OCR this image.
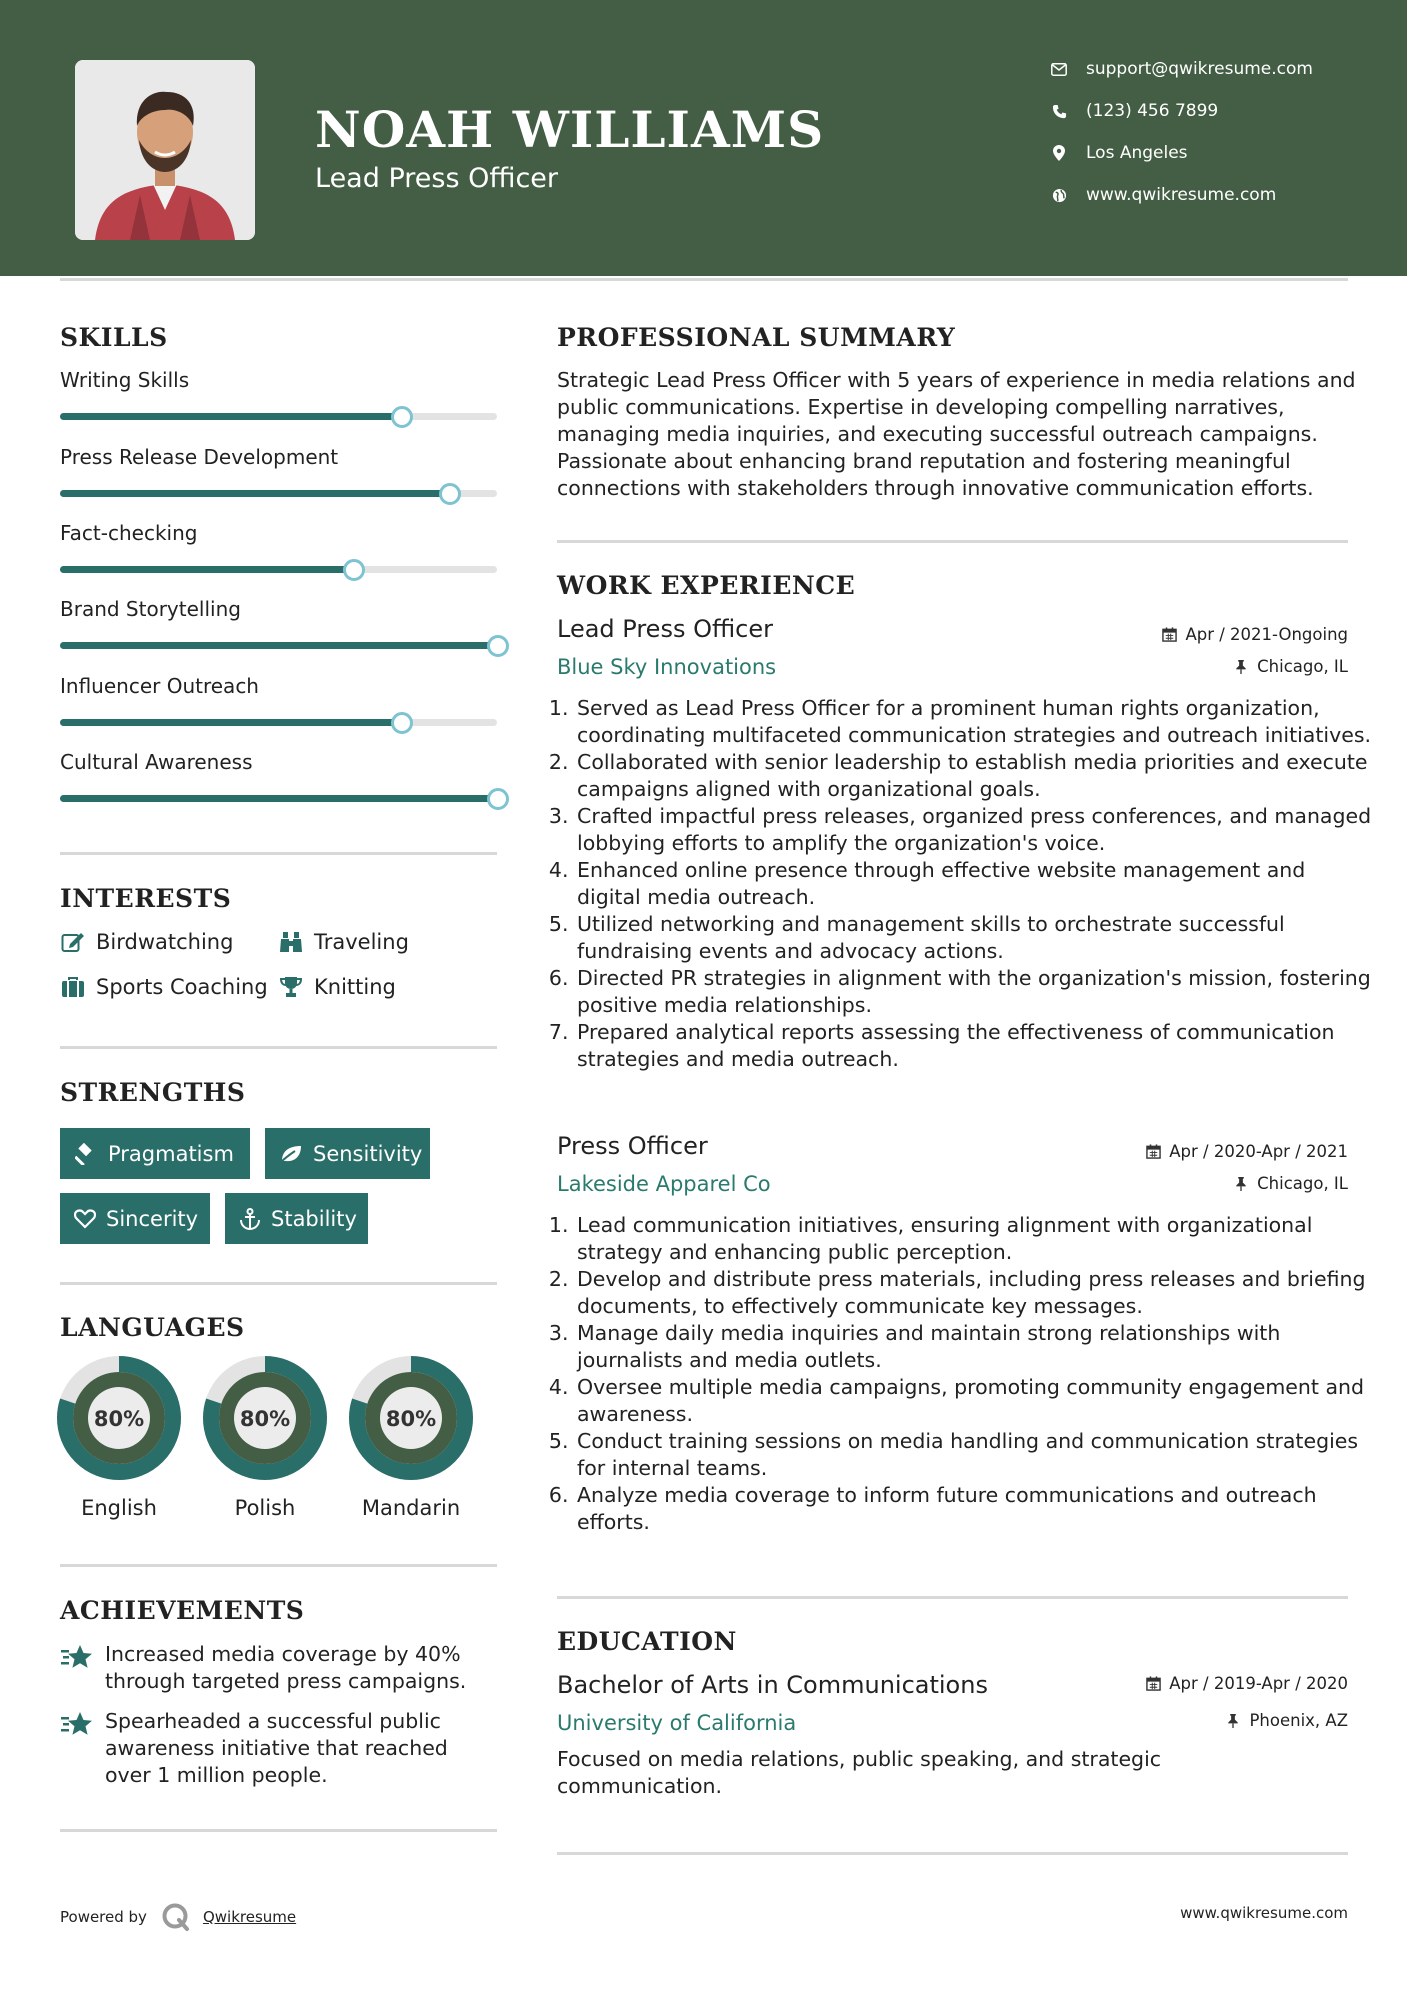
NOAH WILLIAMS
Lead Press Officer
support@qwikresume.com
(123) 456 7899
Los Angeles
www.qwikresume.com
SKILLS
Writing Skills
Press Release Development
Fact-checking
Brand Storytelling
Influencer Outreach
Cultural Awareness
INTERESTS
Birdwatching	Traveling
Sports Coaching Knitting
STRENGTHS
Pragmatism	Sensitivity
Sincerity	Stability
LANGUAGES
80%
English
80%
Polish
80%
Mandarin
ACHIEVEMENTS
Increased media coverage by 40% through targeted press campaigns.
Spearheaded a successful public awareness initiative that reached over 1 million people.
PROFESSIONAL SUMMARY
Strategic Lead Press Officer with 5 years of experience in media relations and public communications. Expertise in developing compelling narratives, managing media inquiries, and executing successful outreach campaigns. Passionate about enhancing brand reputation and fostering meaningful connections with stakeholders through innovative communication efforts.
WORK EXPERIENCE
Lead Press Officer	Apr / 2021-Ongoing
Blue Sky Innovations	Chicago, IL
1. Served as Lead Press Officer for a prominent human rights organization, coordinating multifaceted communication strategies and outreach initiatives.
2. Collaborated with senior leadership to establish media priorities and execute campaigns aligned with organizational goals.
3. Crafted impactful press releases, organized press conferences, and managed lobbying efforts to amplify the organization's voice.
4. Enhanced online presence through effective website management and digital media outreach.
5. Utilized networking and management skills to orchestrate successful fundraising events and advocacy actions.
6. Directed PR strategies in alignment with the organization's mission, fostering positive media relationships.
7. Prepared analytical reports assessing the effectiveness of communication strategies and media outreach.
Press Officer	Apr / 2020-Apr / 2021
Lakeside Apparel Co	Chicago, IL
1. Lead communication initiatives, ensuring alignment with organizational strategy and enhancing public perception.
2. Develop and distribute press materials, including press releases and briefing documents, to effectively communicate key messages.
3. Manage daily media inquiries and maintain strong relationships with journalists and media outlets.
4. Oversee multiple media campaigns, promoting community engagement and awareness.
5. Conduct training sessions on media handling and communication strategies for internal teams.
6. Analyze media coverage to inform future communications and outreach efforts.
EDUCATION
Bachelor of Arts in Communications	Apr / 2019-Apr / 2020
University of California	Phoenix, AZ
Focused on media relations, public speaking, and strategic communication.
Powered by	Qwikresume	www.qwikresume.com
